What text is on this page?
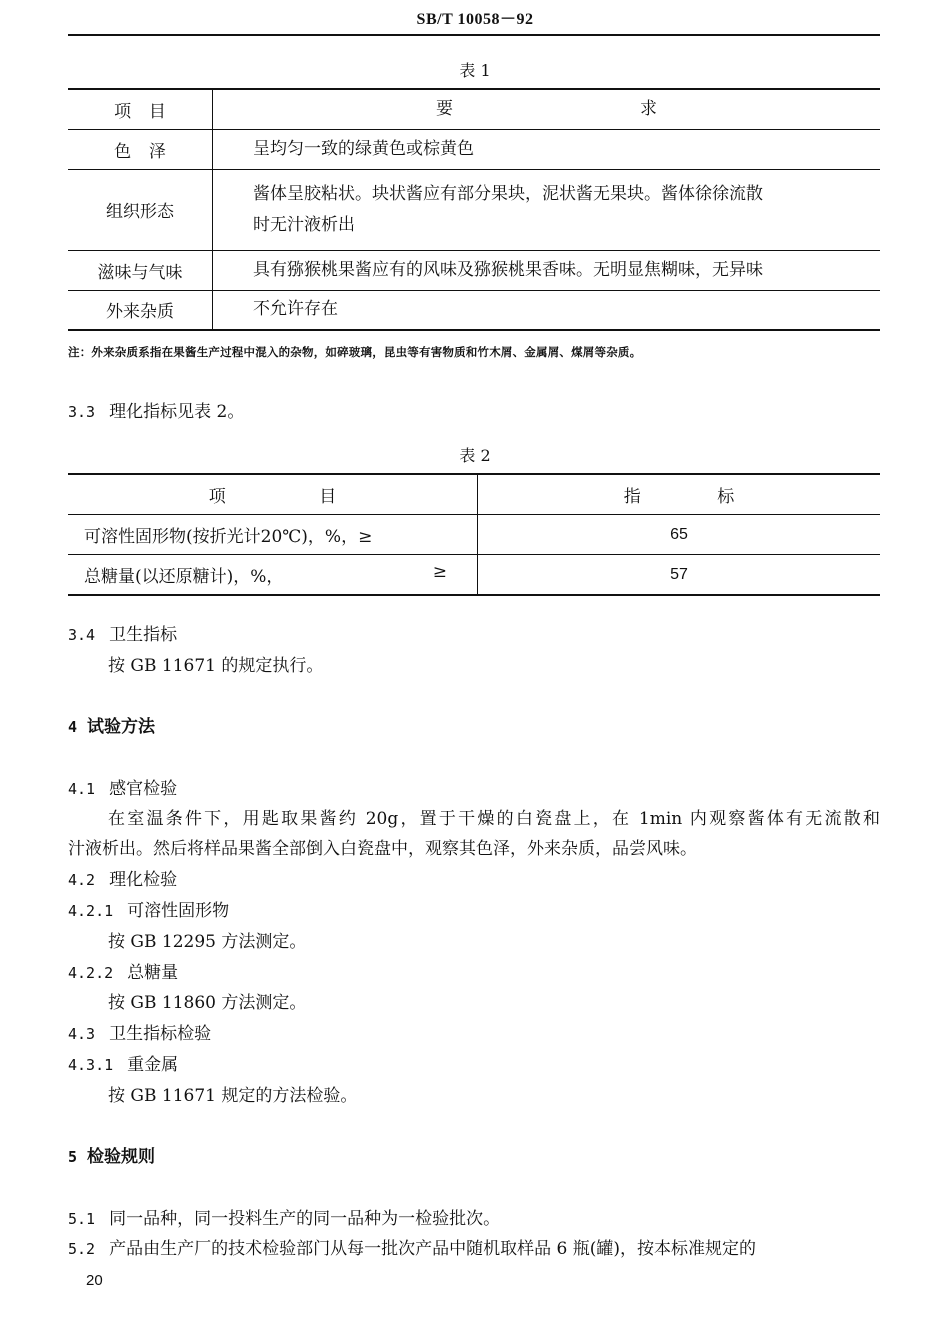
SB/T 10058－92
表 1
项目	要求
色泽	呈均匀一致的绿黄色或棕黄色
组织形态	酱体呈胶粘状。块状酱应有部分果块，泥状酱无果块。酱体徐徐流散
时无汁液析出

滋味与气味	具有猕猴桃果酱应有的风味及猕猴桃果香味。无明显焦糊味，无异味
外来杂质	不允许存在
注：外来杂质系指在果酱生产过程中混入的杂物，如碎玻璃，昆虫等有害物质和竹木屑、金属屑、煤屑等杂质。
3.3 理化指标见表 2。
表 2
项目	指标
可溶性固形物(按折光计20℃)，%，≥	65
总糖量(以还原糖计)，%， ≥	57
3.4 卫生指标
按 GB 11671 的规定执行。
4 试验方法
4.1 感官检验
在室温条件下，用匙取果酱约 20g，置于干燥的白瓷盘上，在 1min 内观察酱体有无流散和
汁液析出。然后将样品果酱全部倒入白瓷盘中，观察其色泽，外来杂质，品尝风味。
4.2 理化检验
4.2.1 可溶性固形物
按 GB 12295 方法测定。
4.2.2 总糖量
按 GB 11860 方法测定。
4.3 卫生指标检验
4.3.1 重金属
按 GB 11671 规定的方法检验。
5 检验规则
5.1 同一品种，同一投料生产的同一品种为一检验批次。
5.2 产品由生产厂的技术检验部门从每一批次产品中随机取样品 6 瓶(罐)，按本标准规定的
20
